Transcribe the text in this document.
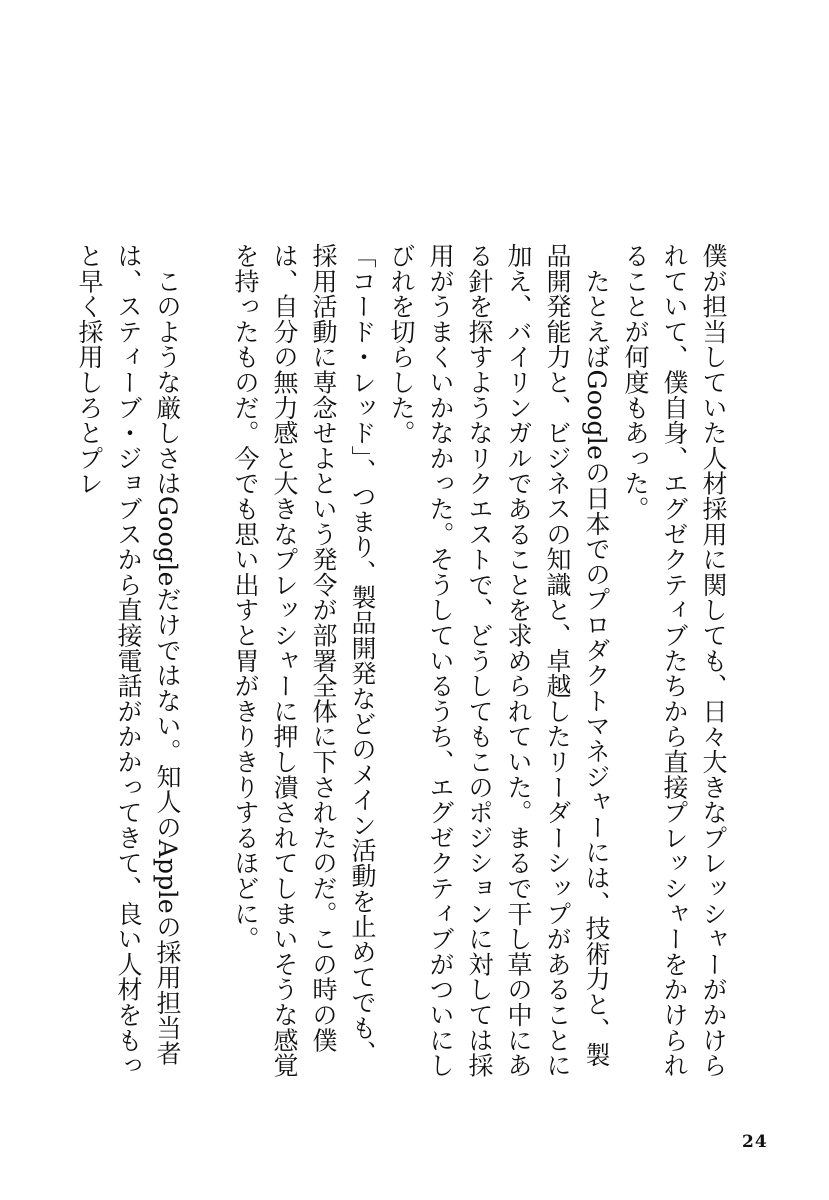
僕が担当していた人材採用に関しても、日々大きなプレッシャーがかけられていて、僕自身、エグゼクティブたちから直接プレッシャーをかけられることが何度もあった。

　たとえばGoogleの日本でのプロダクトマネジャーには、技術力と、製品開発能力と、ビジネスの知識と、卓越したリーダーシップがあることに加え、バイリンガルであることを求められていた。まるで干し草の中にある針を探すようなリクエストで、どうしてもこのポジションに対しては採用がうまくいかなかった。そうしているうち、エグゼクティブがついにしびれを切らした。

「コード・レッド」、つまり、製品開発などのメイン活動を止めてでも、採用活動に専念せよという発令が部署全体に下されたのだ。この時の僕は、自分の無力感と大きなプレッシャーに押し潰されてしまいそうな感覚を持ったものだ。今でも思い出すと胃がきりきりするほどに。

　このような厳しさはGoogleだけではない。知人のAppleの採用担当者は、スティーブ・ジョブスから直接電話がかかってきて、良い人材をもっと早く採用しろとプレ

24
